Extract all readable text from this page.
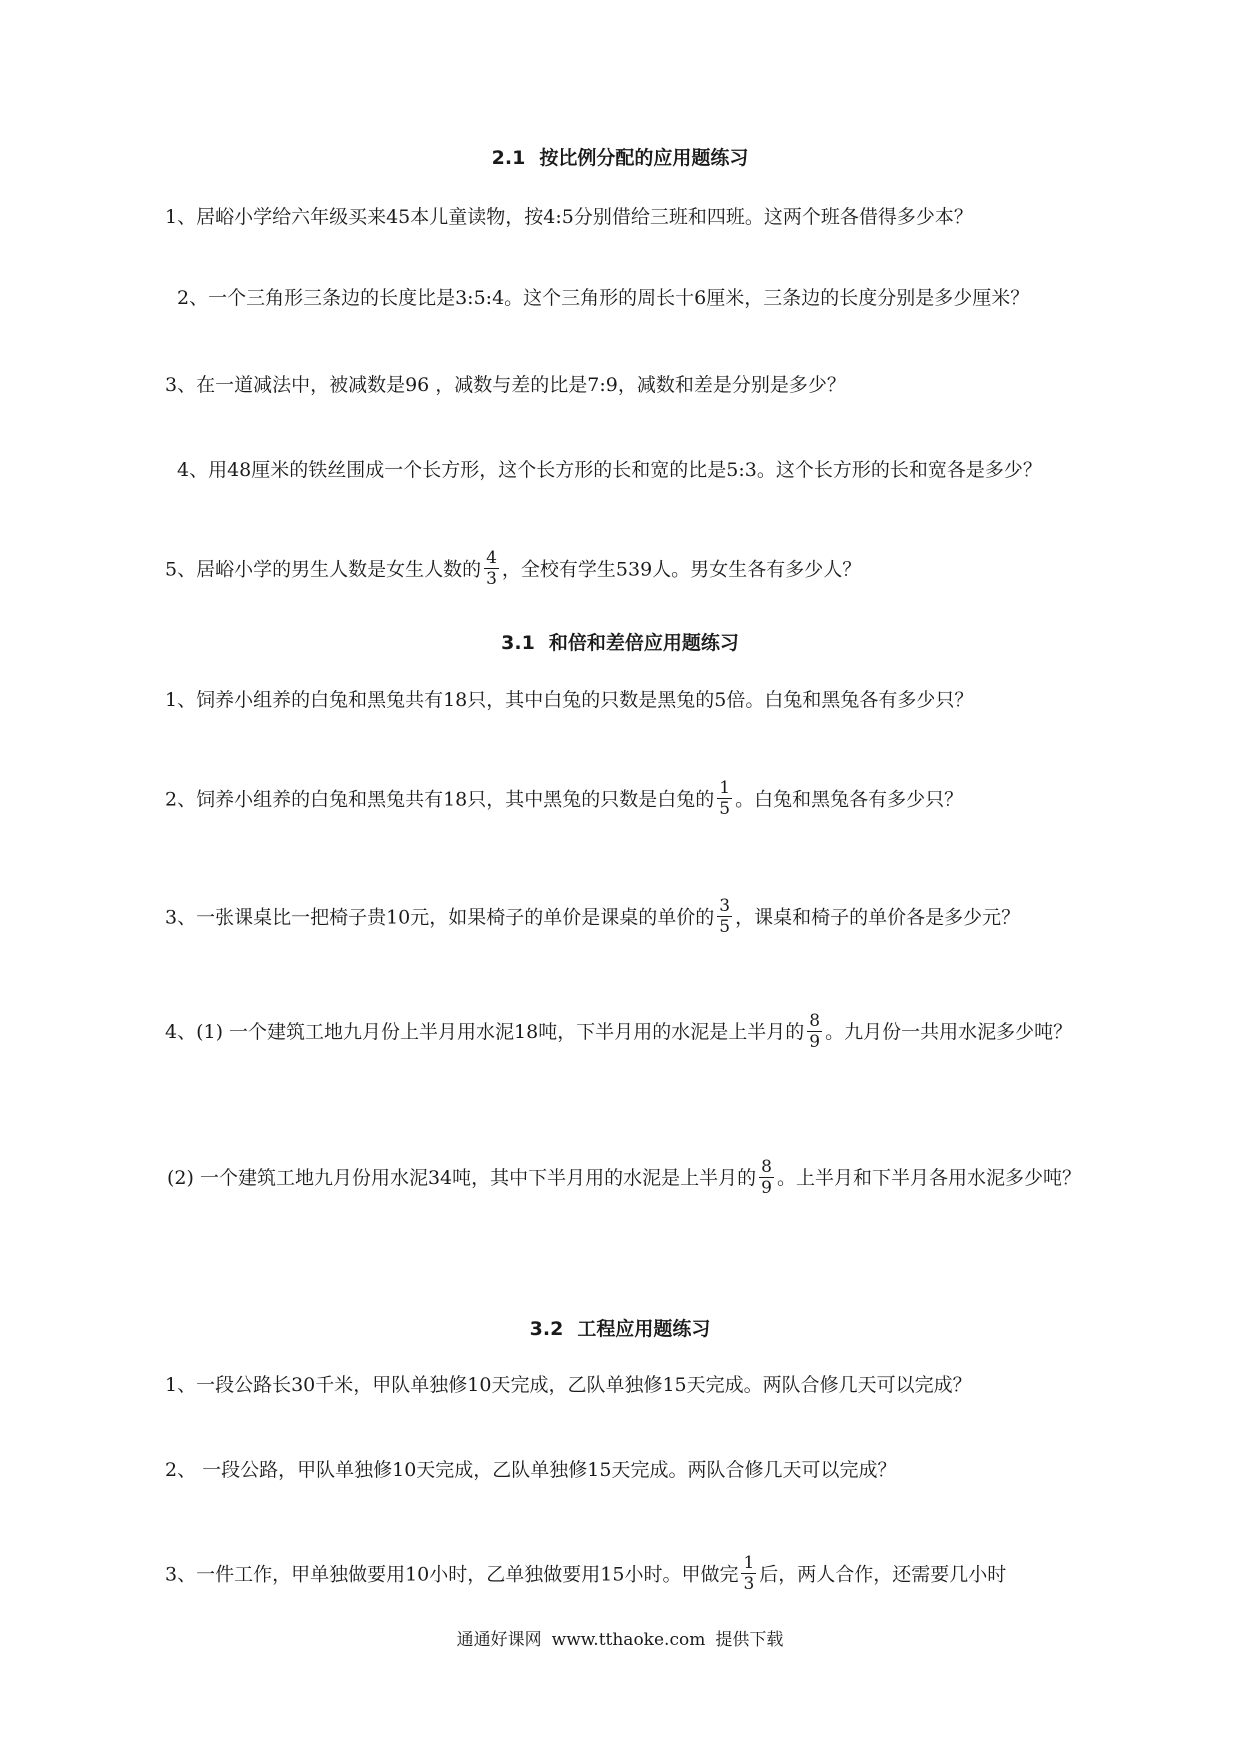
2.1 按比例分配的应用题练习
1、居峪小学给六年级买来45本儿童读物，按4:5分别借给三班和四班。这两个班各借得多少本？
2、一个三角形三条边的长度比是3:5:4。这个三角形的周长十6厘米，三条边的长度分别是多少厘米？
3、在一道减法中，被减数是96 ，减数与差的比是7:9，减数和差是分别是多少？
4、用48厘米的铁丝围成一个长方形，这个长方形的长和宽的比是5:3。这个长方形的长和宽各是多少？
5、居峪小学的男生人数是女生人数的 $\frac{4}{3}$ ，全校有学生539人。男女生各有多少人？
3.1 和倍和差倍应用题练习
1、饲养小组养的白兔和黑兔共有18只，其中白兔的只数是黑兔的5倍。白兔和黑兔各有多少只？
2、饲养小组养的白兔和黑兔共有18只，其中黑兔的只数是白兔的 $\frac{1}{5}$ 。白兔和黑兔各有多少只？
3、一张课桌比一把椅子贵10元，如果椅子的单价是课桌的单价的 $\frac{3}{5}$ ，课桌和椅子的单价各是多少元？
4、(1) 一个建筑工地九月份上半月用水泥18吨，下半月用的水泥是上半月的 $\frac{8}{9}$ 。九月份一共用水泥多少吨？
(2) 一个建筑工地九月份用水泥34吨，其中下半月用的水泥是上半月的 $\frac{8}{9}$ 。上半月和下半月各用水泥多少吨？
3.2 工程应用题练习
1、一段公路长30千米，甲队单独修10天完成，乙队单独修15天完成。两队合修几天可以完成？
2、 一段公路，甲队单独修10天完成，乙队单独修15天完成。两队合修几天可以完成？
3、一件工作，甲单独做要用10小时，乙单独做要用15小时。甲做完 $\frac{1}{3}$ 后，两人合作，还需要几小时
通通好课网 www.tthaoke.com 提供下载
